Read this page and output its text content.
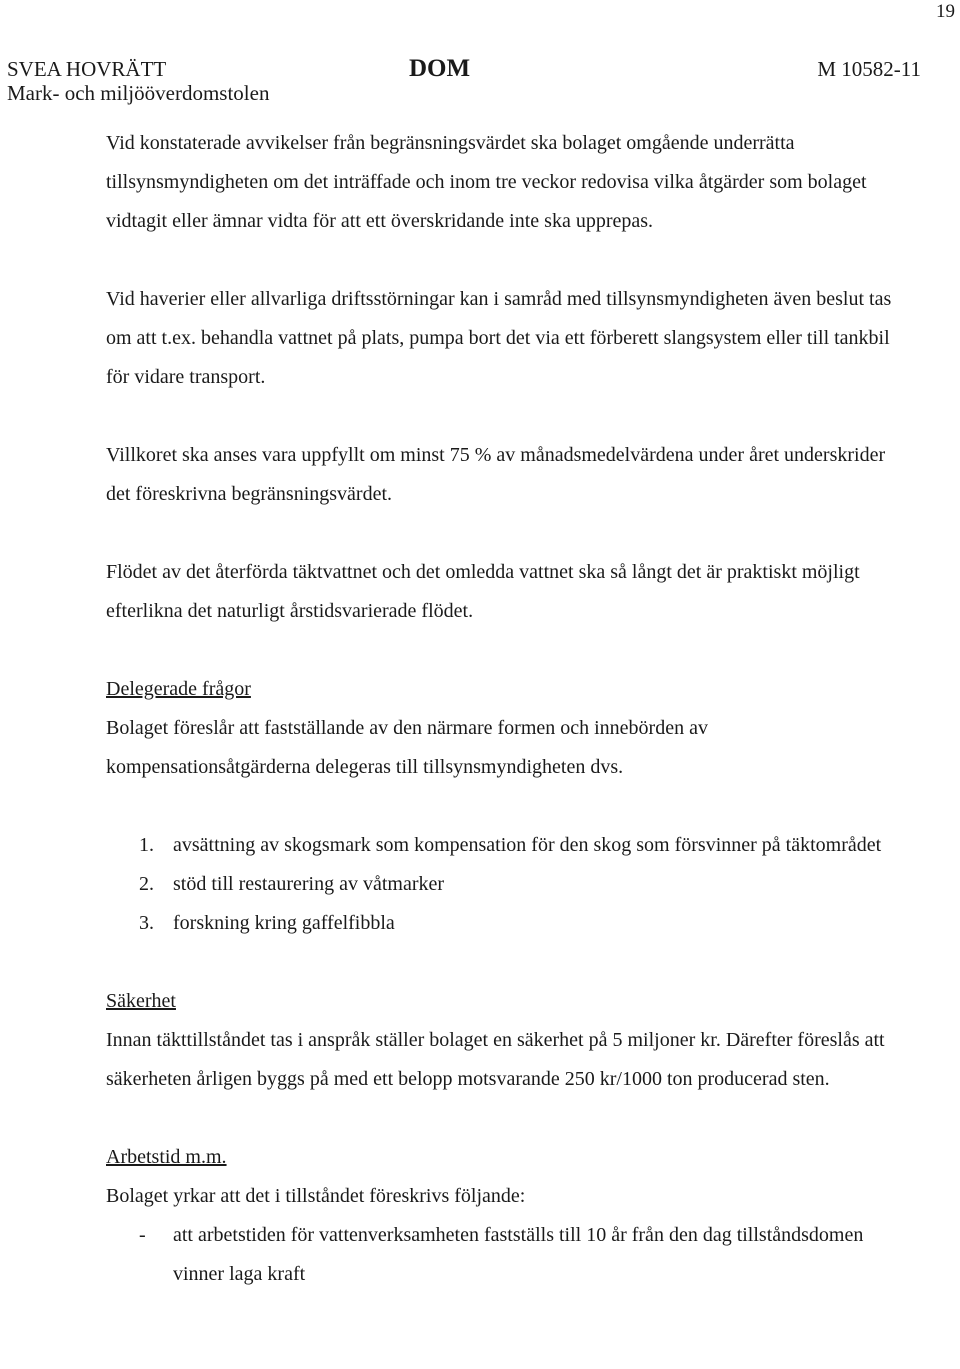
19
SVEA HOVRÄTT
Mark- och miljööverdomstolen
DOM	M 10582-11

Vid konstaterade avvikelser från begränsningsvärdet ska bolaget omgående underrätta tillsynsmyndigheten om det inträffade och inom tre veckor redovisa vilka åtgärder som bolaget vidtagit eller ämnar vidta för att ett överskridande inte ska upprepas.

Vid haverier eller allvarliga driftsstörningar kan i samråd med tillsynsmyndigheten även beslut tas om att t.ex. behandla vattnet på plats, pumpa bort det via ett förberett slangsystem eller till tankbil för vidare transport.

Villkoret ska anses vara uppfyllt om minst 75 % av månadsmedelvärdena under året underskrider det föreskrivna begränsningsvärdet.

Flödet av det återförda täktvattnet och det omledda vattnet ska så långt det är praktiskt möjligt efterlikna det naturligt årstidsvarierade flödet.

Delegerade frågor

Bolaget föreslår att fastställande av den närmare formen och innebörden av kompensationsåtgärderna delegeras till tillsynsmyndigheten dvs.

1. avsättning av skogsmark som kompensation för den skog som försvinner på täktområdet
2. stöd till restaurering av våtmarker
3. forskning kring gaffelfibbla

Säkerhet

Innan täkttillståndet tas i anspråk ställer bolaget en säkerhet på 5 miljoner kr. Därefter föreslås att säkerheten årligen byggs på med ett belopp motsvarande 250 kr/1000 ton producerad sten.

Arbetstid m.m.

Bolaget yrkar att det i tillståndet föreskrivs följande:

-	att arbetstiden för vattenverksamheten fastställs till 10 år från den dag tillståndsdomen vinner laga kraft
